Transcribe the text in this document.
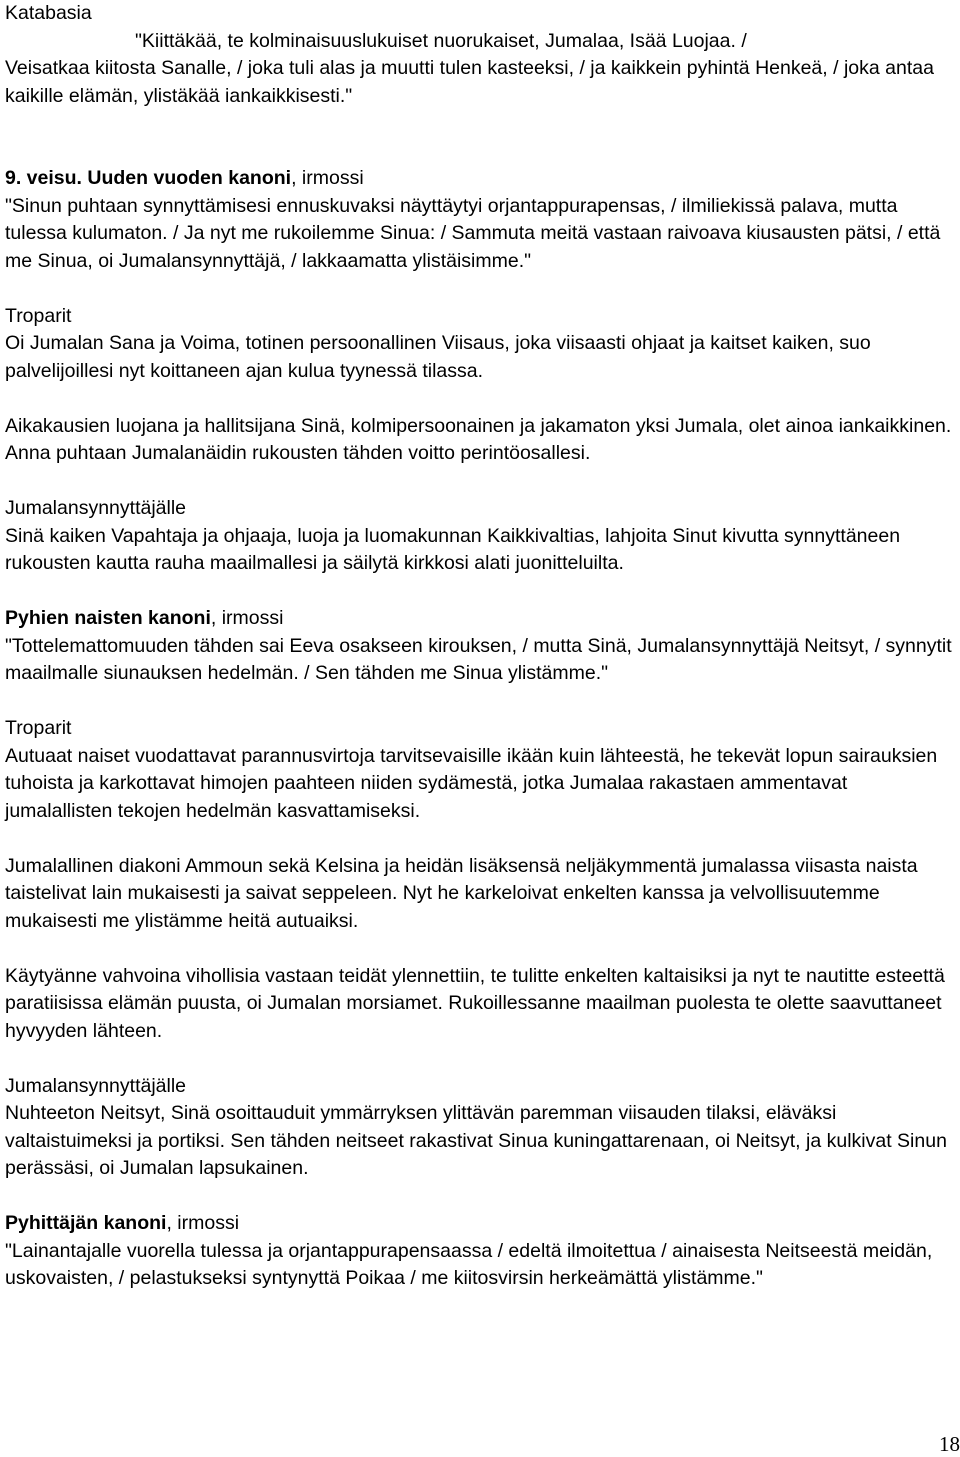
Katabasia

"Kiittäkää, te kolminaisuuslukuiset nuorukaiset, Jumalaa, Isää Luojaa. /

Veisatkaa kiitosta Sanalle, / joka tuli alas ja muutti tulen kasteeksi, / ja kaikkein pyhintä Henkeä, / joka antaa kaikille elämän, ylistäkää iankaikkisesti."

9. veisu. Uuden vuoden kanoni, irmossi

"Sinun puhtaan synnyttämisesi ennuskuvaksi näyttäytyi orjantappurapensas, / ilmiliekissä palava, mutta tulessa kulumaton. / Ja nyt me rukoilemme Sinua: / Sammuta meitä vastaan raivoava kiusausten pätsi, / että me Sinua, oi Jumalansynnyttäjä, / lakkaamatta ylistäisimme."

Troparit

Oi Jumalan Sana ja Voima, totinen persoonallinen Viisaus, joka viisaasti ohjaat ja kaitset kaiken, suo palvelijoillesi nyt koittaneen ajan kulua tyynessä tilassa.

Aikakausien luojana ja hallitsijana Sinä, kolmipersoonainen ja jakamaton yksi Jumala, olet ainoa iankaikkinen. Anna puhtaan Jumalanäidin rukousten tähden voitto perintöosallesi.

Jumalansynnyttäjälle

Sinä kaiken Vapahtaja ja ohjaaja, luoja ja luomakunnan Kaikkivaltias, lahjoita Sinut kivutta synnyttäneen rukousten kautta rauha maailmallesi ja säilytä kirkkosi alati juonitteluilta.

Pyhien naisten kanoni, irmossi

"Tottelemattomuuden tähden sai Eeva osakseen kirouksen, / mutta Sinä, Jumalansynnyttäjä Neitsyt, / synnytit maailmalle siunauksen hedelmän. / Sen tähden me Sinua ylistämme."

Troparit

Autuaat naiset vuodattavat parannusvirtoja tarvitsevaisille ikään kuin lähteestä, he tekevät lopun sairauksien tuhoista ja karkottavat himojen paahteen niiden sydämestä, jotka Jumalaa rakastaen ammentavat jumalallisten tekojen hedelmän kasvattamiseksi.

Jumalallinen diakoni Ammoun sekä Kelsina ja heidän lisäksensä neljäkymmentä jumalassa viisasta naista taistelivat lain mukaisesti ja saivat seppeleen. Nyt he karkeloivat enkelten kanssa ja velvollisuutemme mukaisesti me ylistämme heitä autuaiksi.

Käytyänne vahvoina vihollisia vastaan teidät ylennettiin, te tulitte enkelten kaltaisiksi ja nyt te nautitte esteettä paratiisissa elämän puusta, oi Jumalan morsiamet. Rukoillessanne maailman puolesta te olette saavuttaneet hyvyyden lähteen.

Jumalansynnyttäjälle

Nuhteeton Neitsyt, Sinä osoittauduit ymmärryksen ylittävän paremman viisauden tilaksi, eläväksi valtaistuimeksi ja portiksi. Sen tähden neitseet rakastivat Sinua kuningattarenaan, oi Neitsyt, ja kulkivat Sinun perässäsi, oi Jumalan lapsukainen.

Pyhittäjän kanoni, irmossi

"Lainantajalle vuorella tulessa ja orjantappurapensaassa / edeltä ilmoitettua / ainaisesta Neitseestä meidän, uskovaisten, / pelastukseksi syntynyttä Poikaa / me kiitosvirsin herkeämättä ylistämme."

18
